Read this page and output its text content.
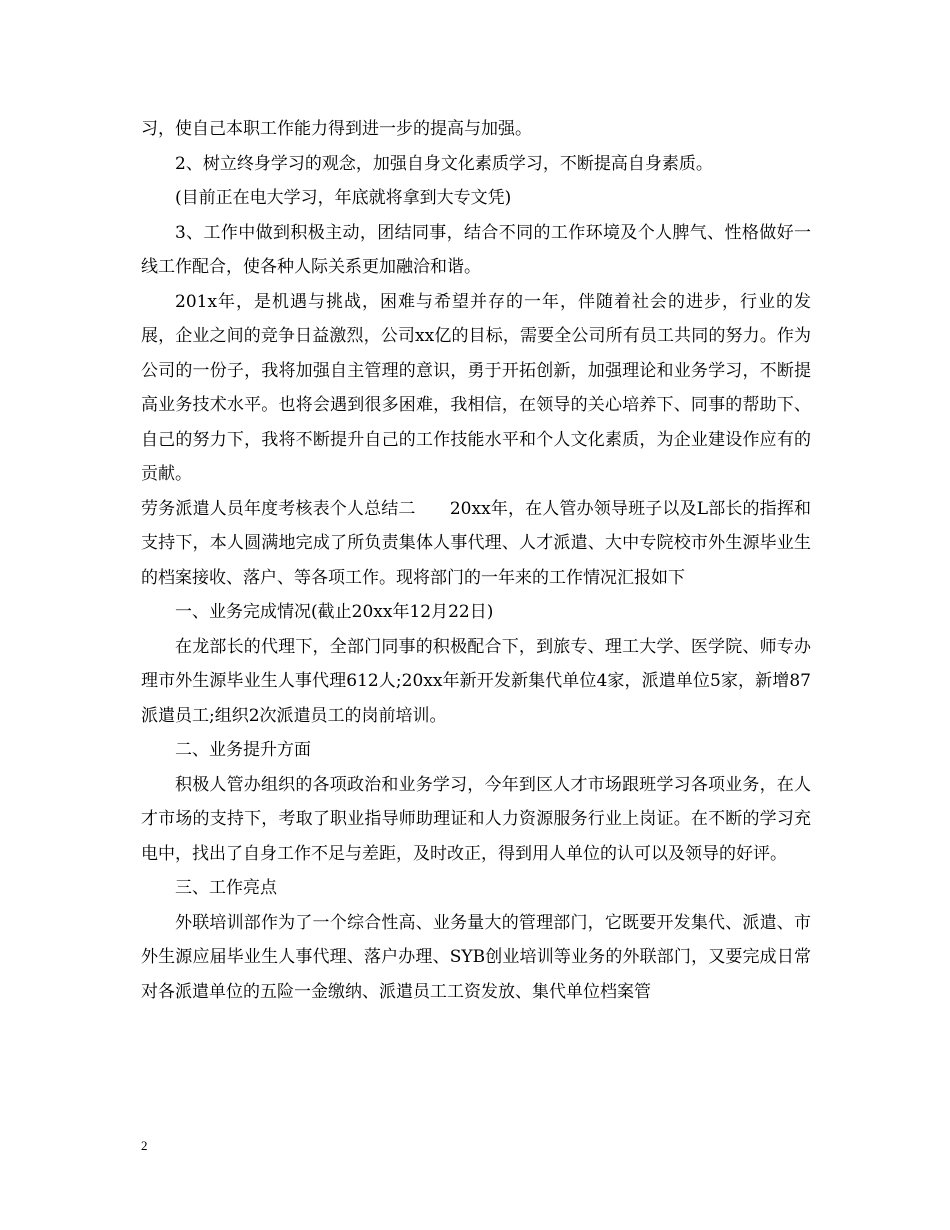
习，使自己本职工作能力得到进一步的提高与加强。

2、树立终身学习的观念，加强自身文化素质学习，不断提高自身素质。

(目前正在电大学习，年底就将拿到大专文凭)

3、工作中做到积极主动，团结同事，结合不同的工作环境及个人脾气、性格做好一线工作配合，使各种人际关系更加融洽和谐。

201x年，是机遇与挑战，困难与希望并存的一年，伴随着社会的进步，行业的发展，企业之间的竞争日益激烈，公司xx亿的目标，需要全公司所有员工共同的努力。作为公司的一份子，我将加强自主管理的意识，勇于开拓创新，加强理论和业务学习，不断提高业务技术水平。也将会遇到很多困难，我相信，在领导的关心培养下、同事的帮助下、自己的努力下，我将不断提升自己的工作技能水平和个人文化素质，为企业建设作应有的贡献。

劳务派遣人员年度考核表个人总结二　　20xx年，在人管办领导班子以及L部长的指挥和支持下，本人圆满地完成了所负责集体人事代理、人才派遣、大中专院校市外生源毕业生的档案接收、落户、等各项工作。现将部门的一年来的工作情况汇报如下

一、业务完成情况(截止20xx年12月22日)

在龙部长的代理下，全部门同事的积极配合下，到旅专、理工大学、医学院、师专办理市外生源毕业生人事代理612人;20xx年新开发新集代单位4家，派遣单位5家，新增87派遣员工;组织2次派遣员工的岗前培训。

二、业务提升方面

积极人管办组织的各项政治和业务学习，今年到区人才市场跟班学习各项业务，在人才市场的支持下，考取了职业指导师助理证和人力资源服务行业上岗证。在不断的学习充电中，找出了自身工作不足与差距，及时改正，得到用人单位的认可以及领导的好评。

三、工作亮点

外联培训部作为了一个综合性高、业务量大的管理部门，它既要开发集代、派遣、市外生源应届毕业生人事代理、落户办理、SYB创业培训等业务的外联部门，又要完成日常对各派遣单位的五险一金缴纳、派遣员工工资发放、集代单位档案管

2
